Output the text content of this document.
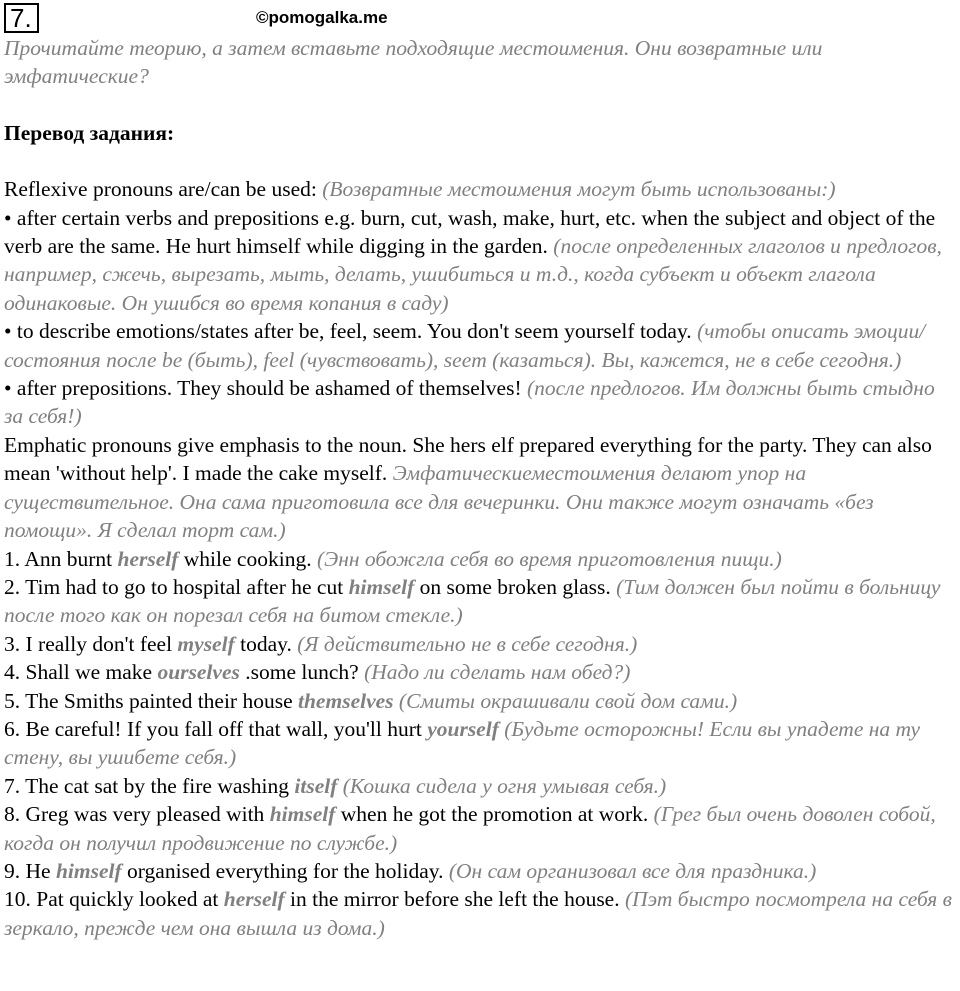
7.	©pomogalka.me

Прочитайте теорию, а затем вставьте подходящие местоимения. Они возвратные или эмфатические?

Перевод задания:

Reflexive pronouns are/can be used: (Возвратные местоимения могут быть использованы:)

• after certain verbs and prepositions e.g. burn, cut, wash, make, hurt, etc. when the subject and object of the verb are the same. He hurt himself while digging in the garden. (после определенных глаголов и предлогов, например, сжечь, вырезать, мыть, делать, ушибиться и т.д., когда субъект и объект глагола одинаковые. Он ушибся во время копания в саду)

• to describe emotions/states after be, feel, seem. You don't seem yourself today. (чтобы описать эмоции/состояния после be (быть), feel (чувствовать), seem (казаться). Вы, кажется, не в себе сегодня.)

• after prepositions. They should be ashamed of themselves! (после предлогов. Им должны быть стыдно за себя!)

Emphatic pronouns give emphasis to the noun. She hers elf prepared everything for the party. They can also mean 'without help'. I made the cake myself. Эмфатическиеместоимения делают упор на существительное. Она сама приготовила все для вечеринки. Они также могут означать «без помощи». Я сделал торт сам.)

1. Ann burnt herself while cooking. (Энн обожгла себя во время приготовления пищи.)

2. Tim had to go to hospital after he cut himself on some broken glass. (Тим должен был пойти в больницу после того как он порезал себя на битом стекле.)

3. I really don't feel myself today. (Я действительно не в себе сегодня.)

4. Shall we make ourselves .some lunch? (Надо ли сделать нам обед?)

5. The Smiths painted their house themselves (Смиты окрашивали свой дом сами.)

6. Be careful! If you fall off that wall, you'll hurt yourself (Будьте осторожны! Если вы упадете на ту стену, вы ушибете себя.)

7. The cat sat by the fire washing itself (Кошка сидела у огня умывая себя.)

8. Greg was very pleased with himself when he got the promotion at work. (Грег был очень доволен собой, когда он получил продвижение по службе.)

9. He himself organised everything for the holiday. (Он сам организовал все для праздника.)

10. Pat quickly looked at herself in the mirror before she left the house. (Пэт быстро посмотрела на себя в зеркало, прежде чем она вышла из дома.)
